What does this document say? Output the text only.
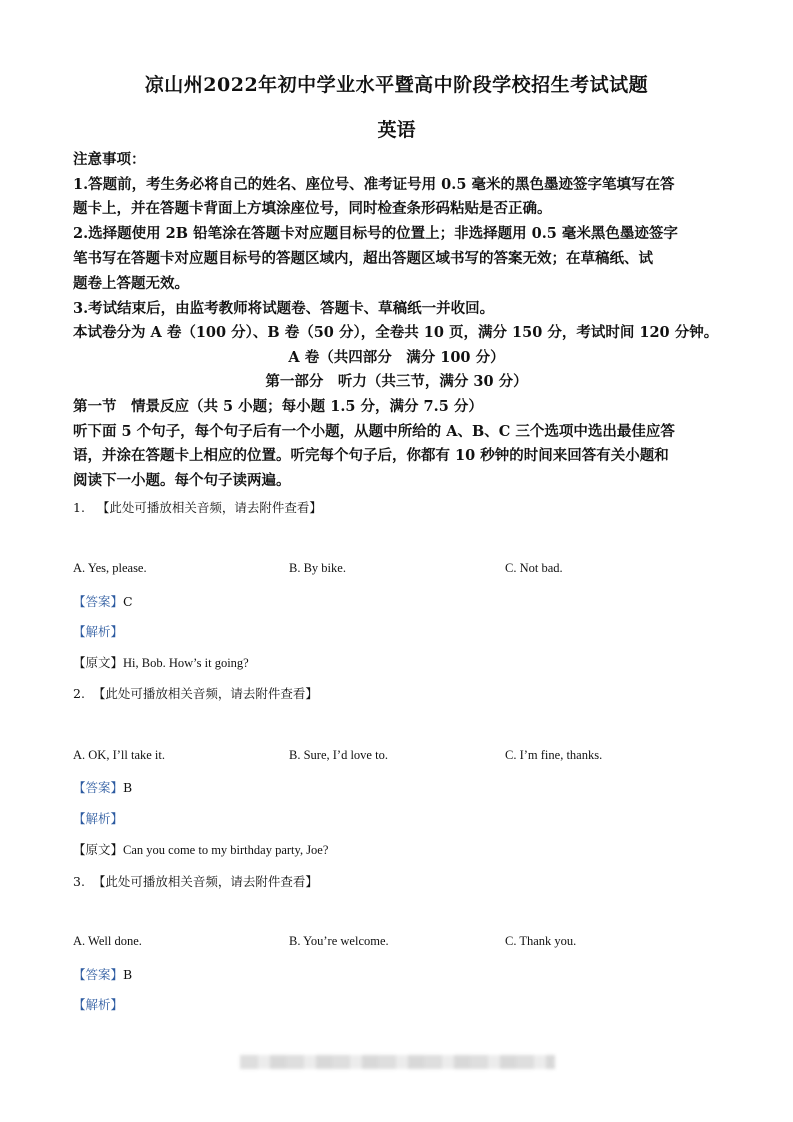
凉山州2022年初中学业水平暨高中阶段学校招生考试试题
英语
注意事项：
1.答题前，考生务必将自己的姓名、座位号、准考证号用 0.5 毫米的黑色墨迹签字笔填写在答
题卡上，并在答题卡背面上方填涂座位号，同时检查条形码粘贴是否正确。
2.选择题使用 2B 铅笔涂在答题卡对应题目标号的位置上；非选择题用 0.5 毫米黑色墨迹签字
笔书写在答题卡对应题目标号的答题区域内，超出答题区域书写的答案无效；在草稿纸、试
题卷上答题无效。
3.考试结束后，由监考教师将试题卷、答题卡、草稿纸一并收回。
本试卷分为 A 卷（100 分）、B 卷（50 分），全卷共 10 页，满分 150 分，考试时间 120 分钟。
A 卷（共四部分　满分 100 分）
第一部分　听力（共三节，满分 30 分）
第一节　情景反应（共 5 小题；每小题 1.5 分，满分 7.5 分）
听下面 5 个句子，每个句子后有一个小题，从题中所给的 A、B、C 三个选项中选出最佳应答
语，并涂在答题卡上相应的位置。听完每个句子后，你都有 10 秒钟的时间来回答有关小题和
阅读下一小题。每个句子读两遍。
1. 【此处可播放相关音频，请去附件查看】
A. Yes, please.	B. By bike.	C. Not bad.
【答案】C
【解析】
【原文】Hi, Bob. How’s it going?
2. 【此处可播放相关音频，请去附件查看】
A. OK, I’ll take it.	B. Sure, I’d love to.	C. I’m fine, thanks.
【答案】B
【解析】
【原文】Can you come to my birthday party, Joe?
3. 【此处可播放相关音频，请去附件查看】
A. Well done.	B. You’re welcome.	C. Thank you.
【答案】B
【解析】
